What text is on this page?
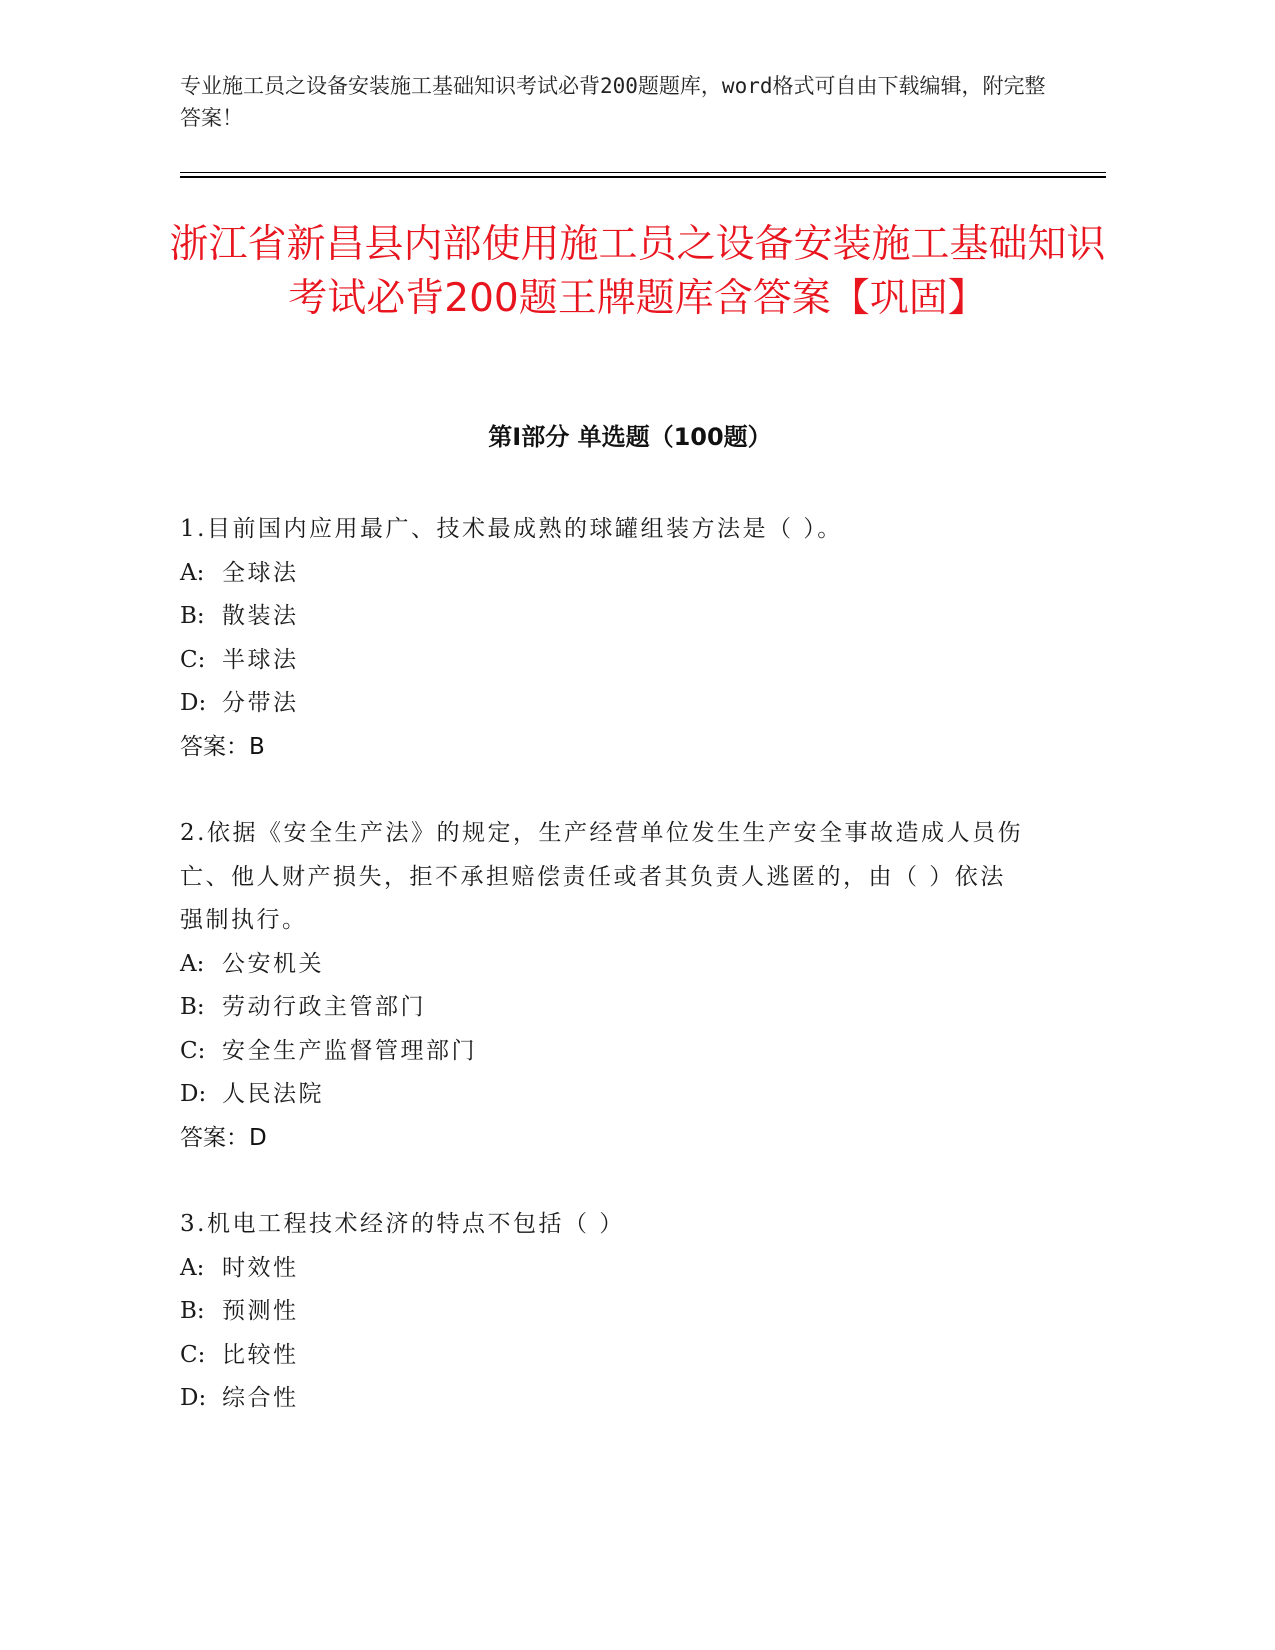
专业施工员之设备安装施工基础知识考试必背200题题库，word格式可自由下载编辑，附完整答案！
浙江省新昌县内部使用施工员之设备安装施工基础知识考试必背200题王牌题库含答案【巩固】
第Ⅰ部分 单选题（100题）
1.目前国内应用最广、技术最成熟的球罐组装方法是（ ）。
A: 全球法
B: 散装法
C: 半球法
D: 分带法
答案：B
2.依据《安全生产法》的规定，生产经营单位发生生产安全事故造成人员伤亡、他人财产损失，拒不承担赔偿责任或者其负责人逃匿的，由（ ）依法强制执行。
A: 公安机关
B: 劳动行政主管部门
C: 安全生产监督管理部门
D: 人民法院
答案：D
3.机电工程技术经济的特点不包括（ ）
A: 时效性
B: 预测性
C: 比较性
D: 综合性
